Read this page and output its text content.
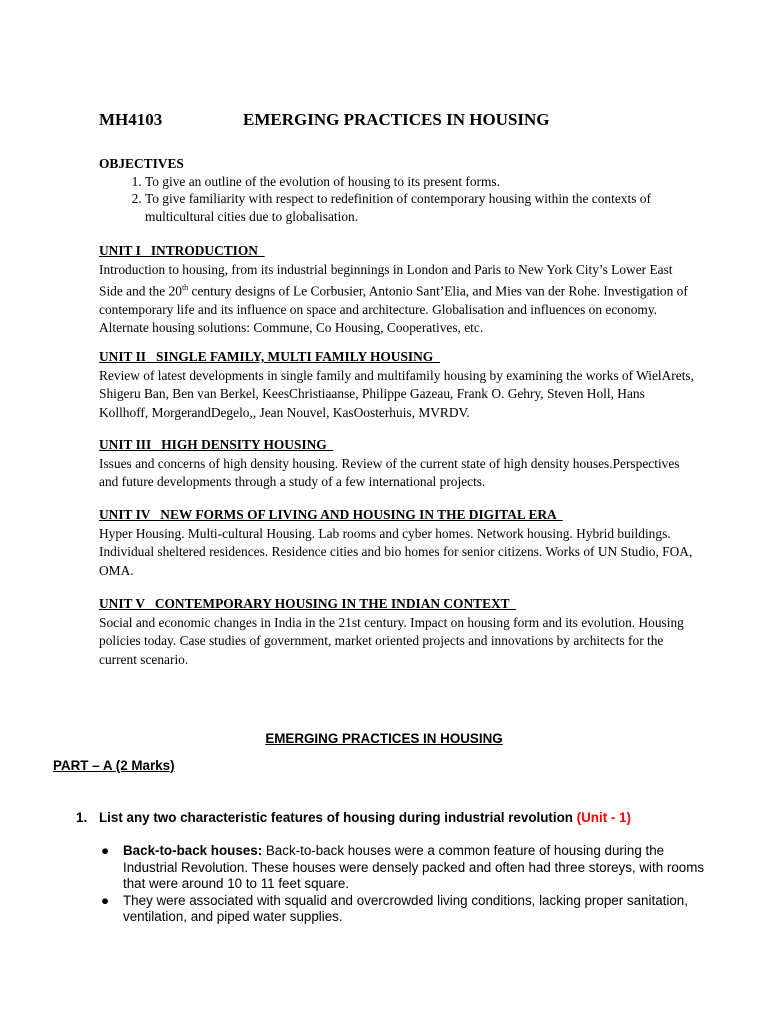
MH4103	EMERGING PRACTICES IN HOUSING

OBJECTIVES

1. To give an outline of the evolution of housing to its present forms.
2. To give familiarity with respect to redefinition of contemporary housing within the contexts of multicultural cities due to globalisation.

UNIT I   INTRODUCTION

Introduction to housing, from its industrial beginnings in London and Paris to New York City’s Lower East Side and the 20th century designs of Le Corbusier, Antonio Sant’Elia, and Mies van der Rohe. Investigation of contemporary life and its influence on space and architecture. Globalisation and influences on economy. Alternate housing solutions: Commune, Co Housing, Cooperatives, etc.

UNIT II   SINGLE FAMILY, MULTI FAMILY HOUSING

Review of latest developments in single family and multifamily housing by examining the works of WielArets, Shigeru Ban, Ben van Berkel, KeesChristiaanse, Philippe Gazeau, Frank O. Gehry, Steven Holl, Hans Kollhoff, MorgerandDegelo,, Jean Nouvel, KasOosterhuis, MVRDV.

UNIT III   HIGH DENSITY HOUSING

Issues and concerns of high density housing. Review of the current state of high density houses.Perspectives and future developments through a study of a few international projects.

UNIT IV   NEW FORMS OF LIVING AND HOUSING IN THE DIGITAL ERA

Hyper Housing. Multi-cultural Housing. Lab rooms and cyber homes. Network housing. Hybrid buildings. Individual sheltered residences. Residence cities and bio homes for senior citizens. Works of UN Studio, FOA, OMA.

UNIT V   CONTEMPORARY HOUSING IN THE INDIAN CONTEXT

Social and economic changes in India in the 21st century. Impact on housing form and its evolution. Housing policies today. Case studies of government, market oriented projects and innovations by architects for the current scenario.

EMERGING PRACTICES IN HOUSING
PART – A (2 Marks)
1. List any two characteristic features of housing during industrial revolution (Unit - 1)
● Back-to-back houses: Back-to-back houses were a common feature of housing during the Industrial Revolution. These houses were densely packed and often had three storeys, with rooms that were around 10 to 11 feet square.
● They were associated with squalid and overcrowded living conditions, lacking proper sanitation, ventilation, and piped water supplies.
